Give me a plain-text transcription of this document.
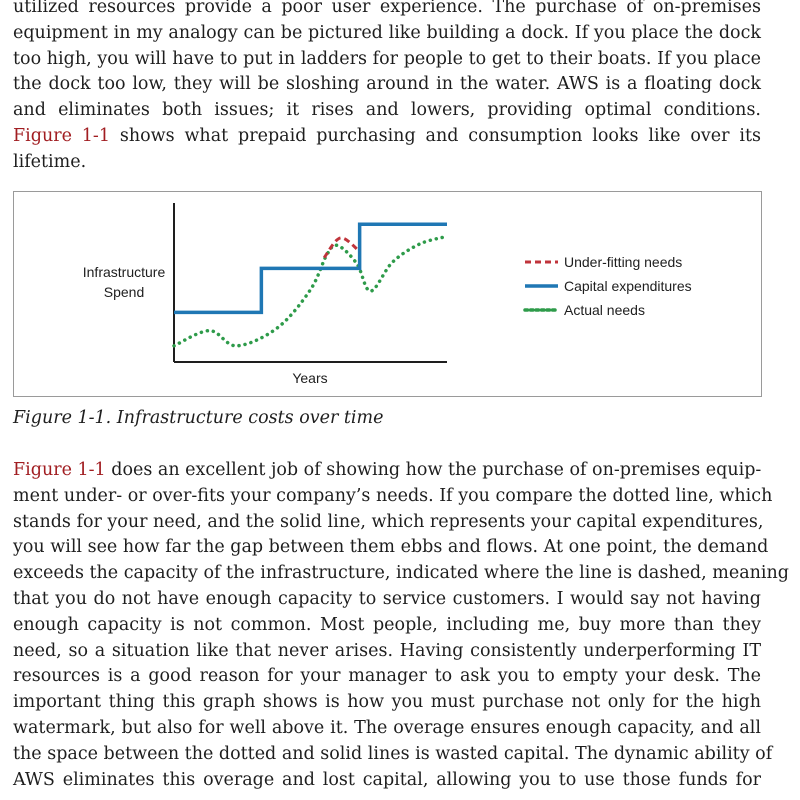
utilized resources provide a poor user experience. The purchase of on-premises
equipment in my analogy can be pictured like building a dock. If you place the dock
too high, you will have to put in ladders for people to get to their boats. If you place
the dock too low, they will be sloshing around in the water. AWS is a floating dock
and eliminates both issues; it rises and lowers, providing optimal conditions.
Figure 1-1 shows what prepaid purchasing and consumption looks like over its
lifetime.
Infrastructure
Spend
Years
Under-fitting needs
Capital expenditures
Actual needs

Figure 1-1. Infrastructure costs over time

Figure 1-1 does an excellent job of showing how the purchase of on-premises equip-
ment under- or over-fits your company’s needs. If you compare the dotted line, which
stands for your need, and the solid line, which represents your capital expenditures,
you will see how far the gap between them ebbs and flows. At one point, the demand
exceeds the capacity of the infrastructure, indicated where the line is dashed, meaning
that you do not have enough capacity to service customers. I would say not having
enough capacity is not common. Most people, including me, buy more than they
need, so a situation like that never arises. Having consistently underperforming IT
resources is a good reason for your manager to ask you to empty your desk. The
important thing this graph shows is how you must purchase not only for the high
watermark, but also for well above it. The overage ensures enough capacity, and all
the space between the dotted and solid lines is wasted capital. The dynamic ability of
AWS eliminates this overage and lost capital, allowing you to use those funds for
